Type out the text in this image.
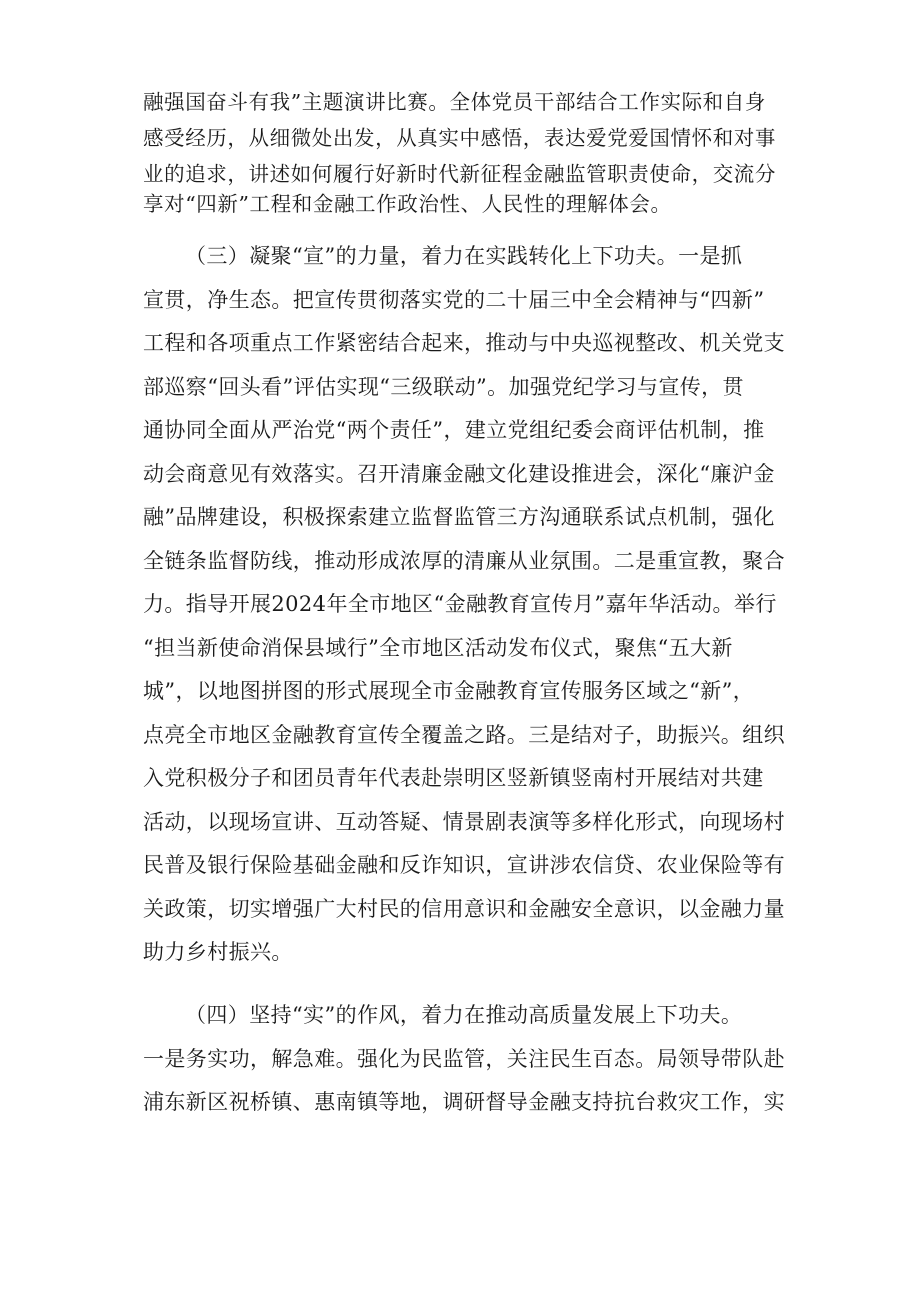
融强国奋斗有我”主题演讲比赛。全体党员干部结合工作实际和自身
感受经历，从细微处出发，从真实中感悟，表达爱党爱国情怀和对事
业的追求，讲述如何履行好新时代新征程金融监管职责使命，交流分
享对“四新”工程和金融工作政治性、人民性的理解体会。
（三）凝聚“宣”的力量，着力在实践转化上下功夫。一是抓
宣贯，净生态。把宣传贯彻落实党的二十届三中全会精神与“四新”
工程和各项重点工作紧密结合起来，推动与中央巡视整改、机关党支
部巡察“回头看”评估实现“三级联动”。加强党纪学习与宣传，贯
通协同全面从严治党“两个责任”，建立党组纪委会商评估机制，推
动会商意见有效落实。召开清廉金融文化建设推进会，深化“廉沪金
融”品牌建设，积极探索建立监督监管三方沟通联系试点机制，强化
全链条监督防线，推动形成浓厚的清廉从业氛围。二是重宣教，聚合
力。指导开展2024年全市地区“金融教育宣传月”嘉年华活动。举行
“担当新使命消保县域行”全市地区活动发布仪式，聚焦“五大新
城”，以地图拼图的形式展现全市金融教育宣传服务区域之“新”，
点亮全市地区金融教育宣传全覆盖之路。三是结对子，助振兴。组织
入党积极分子和团员青年代表赴崇明区竖新镇竖南村开展结对共建
活动，以现场宣讲、互动答疑、情景剧表演等多样化形式，向现场村
民普及银行保险基础金融和反诈知识，宣讲涉农信贷、农业保险等有
关政策，切实增强广大村民的信用意识和金融安全意识，以金融力量
助力乡村振兴。
（四）坚持“实”的作风，着力在推动高质量发展上下功夫。
一是务实功，解急难。强化为民监管，关注民生百态。局领导带队赴
浦东新区祝桥镇、惠南镇等地，调研督导金融支持抗台救灾工作，实
